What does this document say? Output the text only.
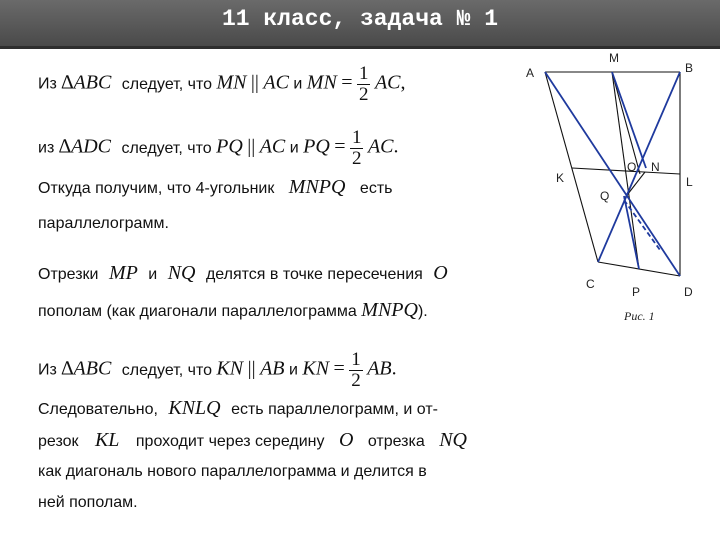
11 класс, задача № 1
Из ∆ABC следует, что MN || AC и MN = $\frac{1}{2}$ AC,
из ∆ADC следует, что PQ || AC и PQ = $\frac{1}{2}$ AC.
Откуда получим, что 4-угольник MNPQ есть
параллелограмм.
Отрезки MP и NQ делятся в точке пересечения O
пополам (как диагонали параллелограмма MNPQ).
Из ∆ABC следует, что KN || AB и KN = $\frac{1}{2}$ AB.
Следовательно, KNLQ есть параллелограмм, и от-
резок KL проходит через середину O отрезка NQ
как диагональ нового параллелограмма и делится в
ней пополам.
A
M
B
K
O N
L
Q
C
P	D
Рис. 1
